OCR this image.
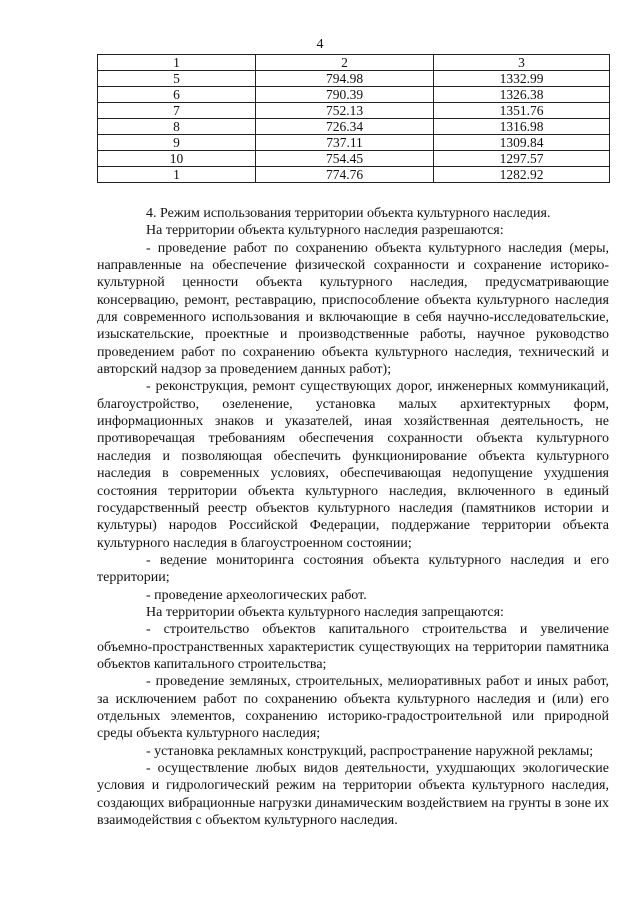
4
1	2	3
5	794.98	1332.99
6	790.39	1326.38
7	752.13	1351.76
8	726.34	1316.98
9	737.11	1309.84
10	754.45	1297.57
1	774.76	1282.92

4. Режим использования территории объекта культурного наследия.

На территории объекта культурного наследия разрешаются:

- проведение работ по сохранению объекта культурного наследия (меры, направленные на обеспечение физической сохранности и сохранение историко-культурной ценности объекта культурного наследия, предусматривающие консервацию, ремонт, реставрацию, приспособление объекта культурного наследия для современного использования и включающие в себя научно-исследовательские, изыскательские, проектные и производственные работы, научное руководство проведением работ по сохранению объекта культурного наследия, технический и авторский надзор за проведением данных работ);

- реконструкция, ремонт существующих дорог, инженерных коммуникаций, благоустройство, озеленение, установка малых архитектурных форм, информационных знаков и указателей, иная хозяйственная деятельность, не противоречащая требованиям обеспечения сохранности объекта культурного наследия и позволяющая обеспечить функционирование объекта культурного наследия в современных условиях, обеспечивающая недопущение ухудшения состояния территории объекта культурного наследия, включенного в единый государственный реестр объектов культурного наследия (памятников истории и культуры) народов Российской Федерации, поддержание территории объекта культурного наследия в благоустроенном состоянии;

- ведение мониторинга состояния объекта культурного наследия и его территории;

- проведение археологических работ.

На территории объекта культурного наследия запрещаются:

- строительство объектов капитального строительства и увеличение объемно-пространственных характеристик существующих на территории памятника объектов капитального строительства;

- проведение земляных, строительных, мелиоративных работ и иных работ, за исключением работ по сохранению объекта культурного наследия и (или) его отдельных элементов, сохранению историко-градостроительной или природной среды объекта культурного наследия;

- установка рекламных конструкций, распространение наружной рекламы;

- осуществление любых видов деятельности, ухудшающих экологические условия и гидрологический режим на территории объекта культурного наследия, создающих вибрационные нагрузки динамическим воздействием на грунты в зоне их взаимодействия с объектом культурного наследия.
